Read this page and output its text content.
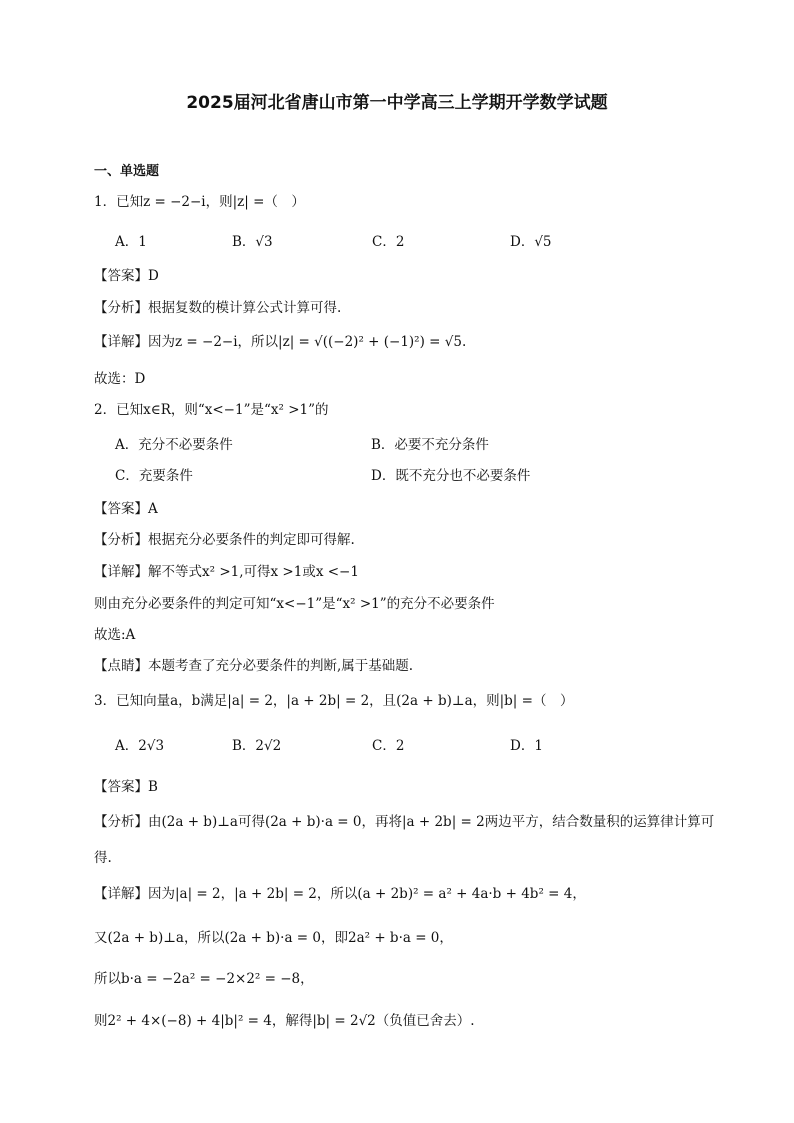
2025届河北省唐山市第一中学高三上学期开学数学试题
一、单选题
1．已知z = −2−i，则|z| =（　）
A．1	B．√3	C．2	D．√5
【答案】D
【分析】根据复数的模计算公式计算可得.
【详解】因为z = −2−i，所以|z| = √((−2)² + (−1)²) = √5.
故选：D
2．已知x∈R，则“x<−1”是“x² >1”的
A．充分不必要条件	B．必要不充分条件
C．充要条件	D．既不充分也不必要条件
【答案】A
【分析】根据充分必要条件的判定即可得解.
【详解】解不等式x² >1,可得x >1或x <−1
则由充分必要条件的判定可知“x<−1”是“x² >1”的充分不必要条件
故选:A
【点睛】本题考查了充分必要条件的判断,属于基础题.
3．已知向量a，b满足|a| = 2，|a + 2b| = 2，且(2a + b)⊥a，则|b| =（　）
A．2√3	B．2√2	C．2	D．1
【答案】B
【分析】由(2a + b)⊥a可得(2a + b)·a = 0，再将|a + 2b| = 2两边平方，结合数量积的运算律计算可
得.
【详解】因为|a| = 2，|a + 2b| = 2，所以(a + 2b)² = a² + 4a·b + 4b² = 4，
又(2a + b)⊥a，所以(2a + b)·a = 0，即2a² + b·a = 0，
所以b·a = −2a² = −2×2² = −8，
则2² + 4×(−8) + 4|b|² = 4，解得|b| = 2√2（负值已舍去）.
